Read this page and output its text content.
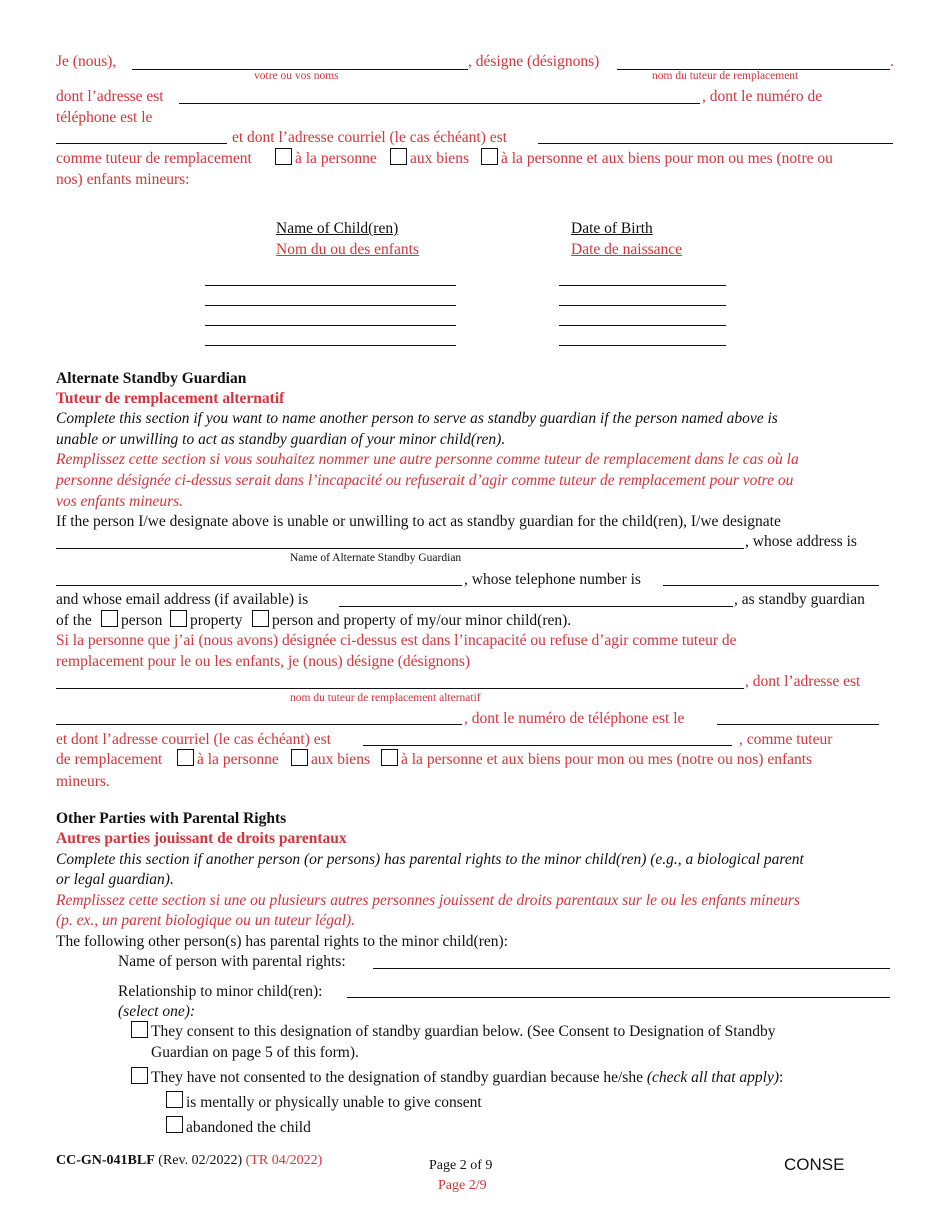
Je (nous),	, désigne (désignons)	.
votre ou vos noms	nom du tuteur de remplacement
dont l’adresse est	, dont le numéro de
téléphone est le
et dont l’adresse courriel (le cas échéant) est
comme tuteur de remplacement	à la personne aux biens à la personne et aux biens pour mon ou mes (notre ou
nos) enfants mineurs:
Name of Child(ren)
Nom du ou des enfants
Date of Birth
Date de naissance
Alternate Standby Guardian
Tuteur de remplacement alternatif
Complete this section if you want to name another person to serve as standby guardian if the person named above is
unable or unwilling to act as standby guardian of your minor child(ren).
Remplissez cette section si vous souhaitez nommer une autre personne comme tuteur de remplacement dans le cas où la
personne désignée ci-dessus serait dans l’incapacité ou refuserait d’agir comme tuteur de remplacement pour votre ou
vos enfants mineurs.
If the person I/we designate above is unable or unwilling to act as standby guardian for the child(ren), I/we designate
, whose address is
Name of Alternate Standby Guardian
, whose telephone number is
and whose email address (if available) is	, as standby guardian
of the person property person and property of my/our minor child(ren).
Si la personne que j’ai (nous avons) désignée ci-dessus est dans l’incapacité ou refuse d’agir comme tuteur de
remplacement pour le ou les enfants, je (nous) désigne (désignons)
, dont l’adresse est
nom du tuteur de remplacement alternatif
, dont le numéro de téléphone est le
et dont l’adresse courriel (le cas échéant) est	, comme tuteur
de remplacement à la personne aux biens à la personne et aux biens pour mon ou mes (notre ou nos) enfants
mineurs.
Other Parties with Parental Rights
Autres parties jouissant de droits parentaux
Complete this section if another person (or persons) has parental rights to the minor child(ren) (e.g., a biological parent
or legal guardian).
Remplissez cette section si une ou plusieurs autres personnes jouissent de droits parentaux sur le ou les enfants mineurs
(p. ex., un parent biologique ou un tuteur légal).
The following other person(s) has parental rights to the minor child(ren):
Name of person with parental rights:
Relationship to minor child(ren):
(select one):
They consent to this designation of standby guardian below. (See Consent to Designation of Standby
Guardian on page 5 of this form).
They have not consented to the designation of standby guardian because he/she (check all that apply):
is mentally or physically unable to give consent
abandoned the child
CC-GN-041BLF (Rev. 02/2022) (TR 04/2022)	Page 2 of 9
Page 2/9
CONSE
